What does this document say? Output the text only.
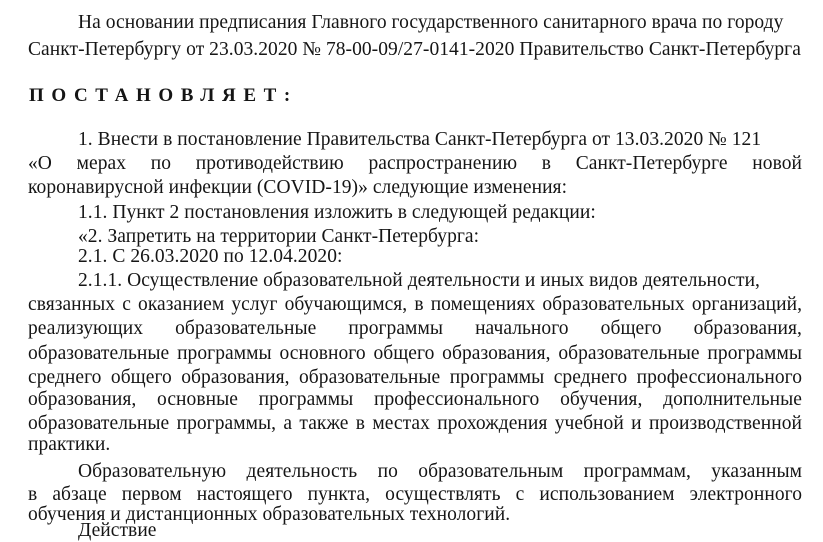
На основании предписания Главного государственного санитарного врача по городу
Санкт-Петербургу от 23.03.2020 № 78-00-09/27-0141-2020 Правительство Санкт-Петербурга
ПОСТАНОВЛЯЕТ:
1. Внести в постановление Правительства Санкт-Петербурга от 13.03.2020 № 121
«О мерах по противодействию распространению в Санкт-Петербурге новой
коронавирусной инфекции (COVID-19)» следующие изменения:
1.1. Пункт 2 постановления изложить в следующей редакции:
«2. Запретить на территории Санкт-Петербурга:
2.1. С 26.03.2020 по 12.04.2020:
2.1.1. Осуществление образовательной деятельности и иных видов деятельности,
связанных с оказанием услуг обучающимся, в помещениях образовательных организаций,
реализующих образовательные программы начального общего образования,
образовательные программы основного общего образования, образовательные программы
среднего общего образования, образовательные программы среднего профессионального
образования, основные программы профессионального обучения, дополнительные
образовательные программы, а также в местах прохождения учебной и производственной
практики.
Образовательную деятельность по образовательным программам, указанным
в абзаце первом настоящего пункта, осуществлять с использованием электронного
обучения и дистанционных образовательных технологий.
Действие
